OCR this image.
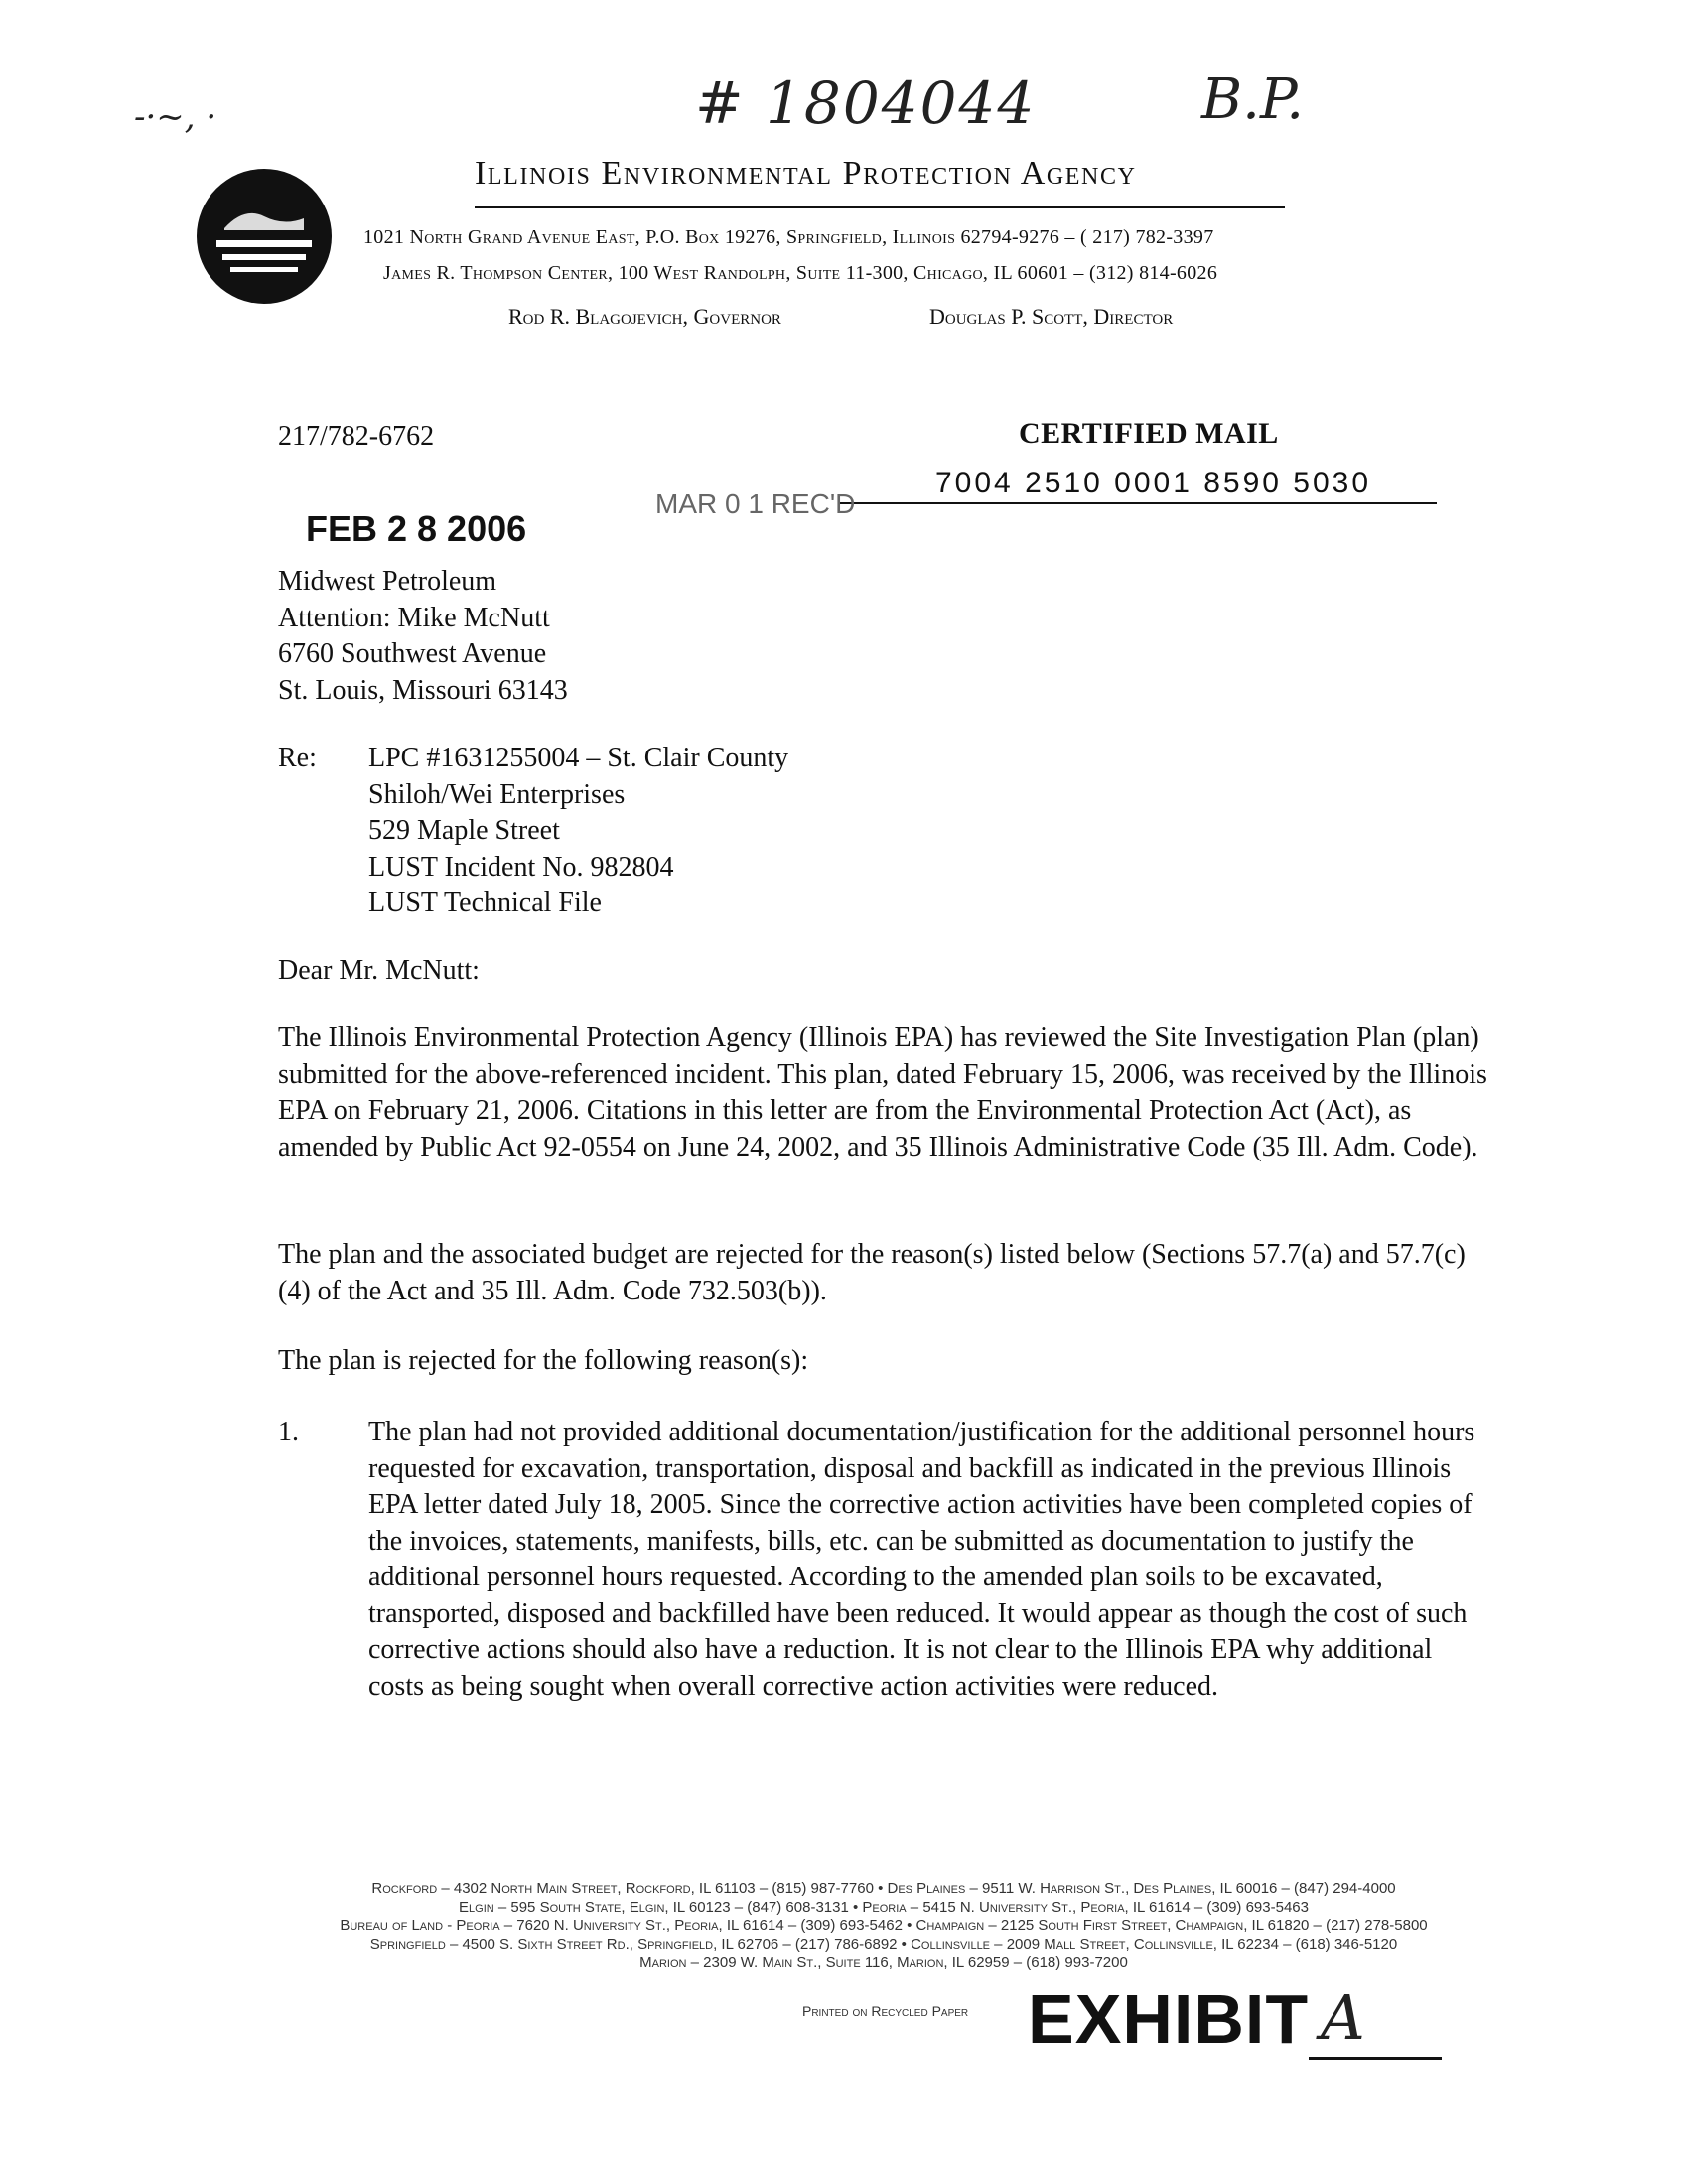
# 1804044	B.P.
-·~, ·
Illinois Environmental Protection Agency
1021 North Grand Avenue East, P.O. Box 19276, Springfield, Illinois 62794-9276 – ( 217) 782-3397
James R. Thompson Center, 100 West Randolph, Suite 11-300, Chicago, IL 60601 – (312) 814-6026
Rod R. Blagojevich, Governor	Douglas P. Scott, Director
217/782-6762	CERTIFIED MAIL
7004 2510 0001 8590 5030
FEB 2 8 2006
MAR 0 1 REC'D
Midwest Petroleum
Attention: Mike McNutt
6760 Southwest Avenue
St. Louis, Missouri 63143
Re: LPC #1631255004 – St. Clair County
Shiloh/Wei Enterprises
529 Maple Street
LUST Incident No. 982804
LUST Technical File
Dear Mr. McNutt:
The Illinois Environmental Protection Agency (Illinois EPA) has reviewed the Site Investigation Plan (plan) submitted for the above-referenced incident. This plan, dated February 15, 2006, was received by the Illinois EPA on February 21, 2006. Citations in this letter are from the Environmental Protection Act (Act), as amended by Public Act 92-0554 on June 24, 2002, and 35 Illinois Administrative Code (35 Ill. Adm. Code).
The plan and the associated budget are rejected for the reason(s) listed below (Sections 57.7(a) and 57.7(c)(4) of the Act and 35 Ill. Adm. Code 732.503(b)).
The plan is rejected for the following reason(s):
1.	The plan had not provided additional documentation/justification for the additional personnel hours requested for excavation, transportation, disposal and backfill as indicated in the previous Illinois EPA letter dated July 18, 2005. Since the corrective action activities have been completed copies of the invoices, statements, manifests, bills, etc. can be submitted as documentation to justify the additional personnel hours requested. According to the amended plan soils to be excavated, transported, disposed and backfilled have been reduced. It would appear as though the cost of such corrective actions should also have a reduction. It is not clear to the Illinois EPA why additional costs as being sought when overall corrective action activities were reduced.
Rockford – 4302 North Main Street, Rockford, IL 61103 – (815) 987-7760 • Des Plaines – 9511 W. Harrison St., Des Plaines, IL 60016 – (847) 294-4000
Elgin – 595 South State, Elgin, IL 60123 – (847) 608-3131 • Peoria – 5415 N. University St., Peoria, IL 61614 – (309) 693-5463
Bureau of Land - Peoria – 7620 N. University St., Peoria, IL 61614 – (309) 693-5462 • Champaign – 2125 South First Street, Champaign, IL 61820 – (217) 278-5800
Springfield – 4500 S. Sixth Street Rd., Springfield, IL 62706 – (217) 786-6892 • Collinsville – 2009 Mall Street, Collinsville, IL 62234 – (618) 346-5120
Marion – 2309 W. Main St., Suite 116, Marion, IL 62959 – (618) 993-7200
Printed on Recycled Paper EXHIBIT A
